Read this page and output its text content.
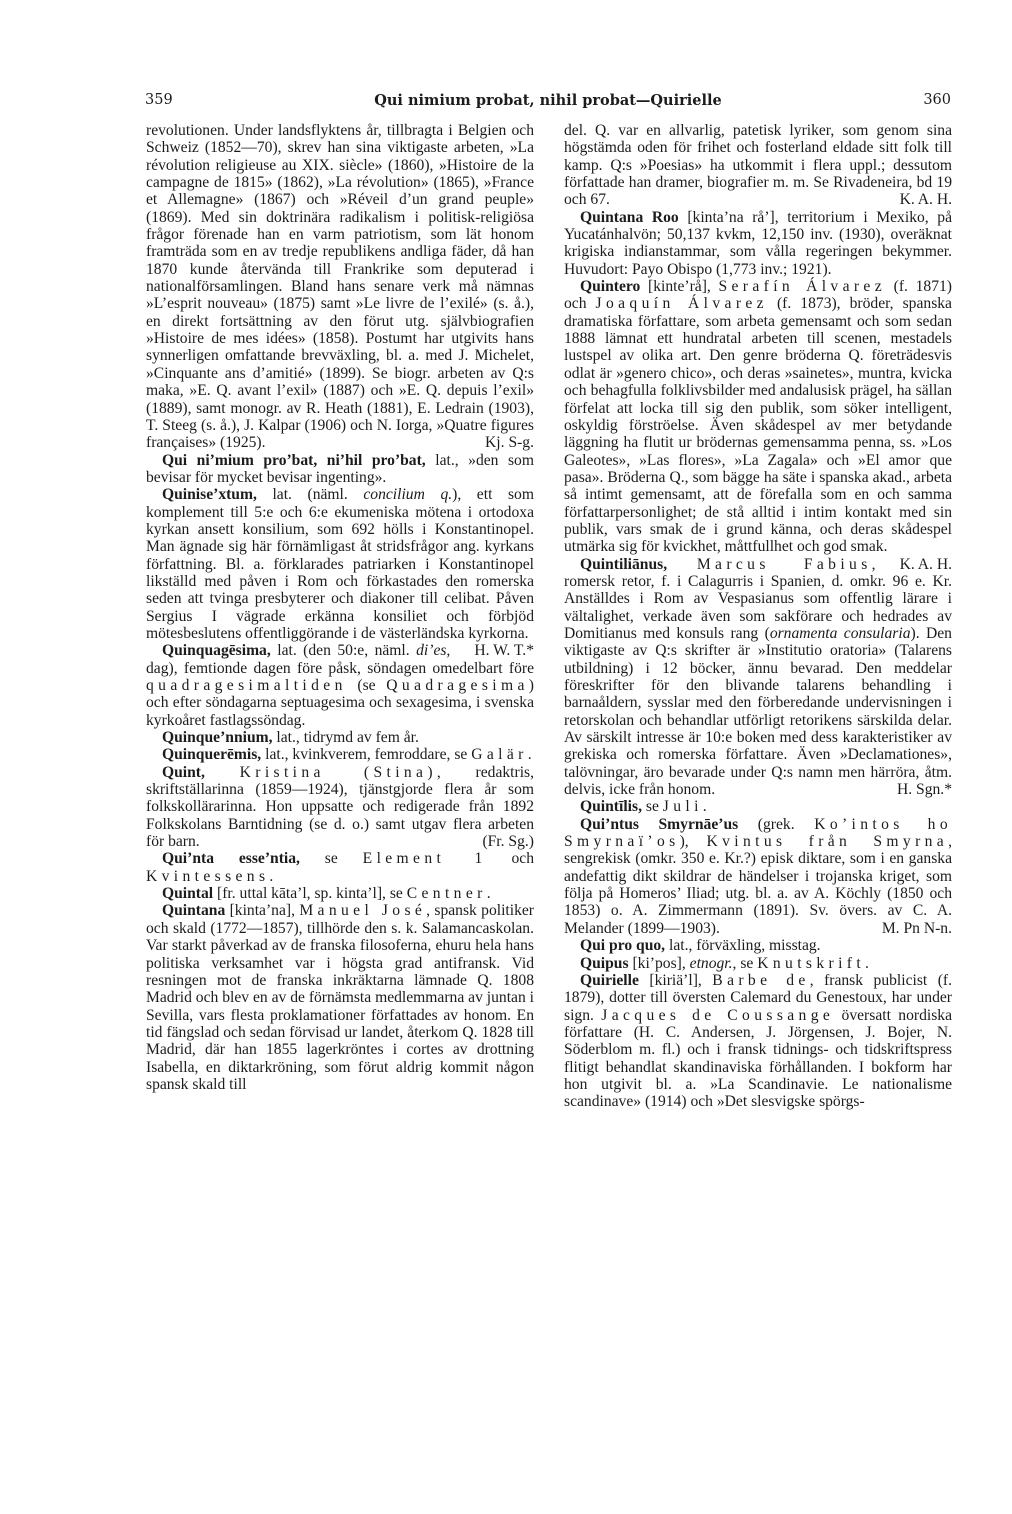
359	Qui nimium probat, nihil probat—Quirielle	360

revolutionen. Under landsflyktens år, tillbragta i Belgien och Schweiz (1852—70), skrev han sina viktigaste arbeten, »La révolution religieuse au XIX. siècle» (1860), »Histoire de la campagne de 1815» (1862), »La révolution» (1865), »France et Allemagne» (1867) och »Réveil d’un grand peuple» (1869). Med sin doktrinära radikalism i politisk-religiösa frågor förenade han en varm patriotism, som lät honom framträda som en av tredje republikens andliga fäder, då han 1870 kunde återvända till Frankrike som deputerad i nationalförsamlingen. Bland hans senare verk må nämnas »L’esprit nouveau» (1875) samt »Le livre de l’exilé» (s. å.), en direkt fortsättning av den förut utg. självbiografien »Histoire de mes idées» (1858). Postumt har utgivits hans synnerligen omfattande brevväxling, bl. a. med J. Michelet, »Cinquante ans d’amitié» (1899). Se biogr. arbeten av Q:s maka, »E. Q. avant l’exil» (1887) och »E. Q. depuis l’exil» (1889), samt monogr. av R. Heath (1881), E. Ledrain (1903), T. Steeg (s. å.), J. Kalpar (1906) och N. Iorga, »Quatre figures françaises» (1925).	Kj. S-g.

Qui ni’mium pro’bat, ni’hil pro’bat, lat., »den som bevisar för mycket bevisar ingenting».

Quinise’xtum, lat. (näml. concilium q.), ett som komplement till 5:e och 6:e ekumeniska mötena i ortodoxa kyrkan ansett konsilium, som 692 hölls i Konstantinopel. Man ägnade sig här förnämligast åt stridsfrågor ang. kyrkans författning. Bl. a. förklarades patriarken i Konstantinopel likställd med påven i Rom och förkastades den romerska seden att tvinga presbyterer och diakoner till celibat. Påven Sergius I vägrade erkänna konsiliet och förbjöd mötesbeslutens offentliggörande i de västerländska kyrkorna.
H. W. T.*

Quinquagēsima, lat. (den 50:e, näml. di’es, dag), femtionde dagen före påsk, söndagen omedelbart före quadragesimaltiden (se Quadragesima) och efter söndagarna septuagesima och sexagesima, i svenska kyrkoåret fastlagssöndag.

Quinque’nnium, lat., tidrymd av fem år.

Quinquerēmis, lat., kvinkverem, femroddare, se Galär.

Quint, Kristina (Stina), redaktris, skriftställarinna (1859—1924), tjänstgjorde flera år som folkskollärarinna. Hon uppsatte och redigerade från 1892 Folkskolans Barntidning (se d. o.) samt utgav flera arbeten för barn.	(Fr. Sg.)

Qui’nta esse’ntia, se Element 1 och Kvintessens.

Quintal [fr. uttal kāta’l, sp. kinta’l], se Centner.

Quintana [kinta’na], Manuel José, spansk politiker och skald (1772—1857), tillhörde den s. k. Salamancaskolan. Var starkt påverkad av de franska filosoferna, ehuru hela hans politiska verksamhet var i högsta grad antifransk. Vid resningen mot de franska inkräktarna lämnade Q. 1808 Madrid och blev en av de förnämsta medlemmarna av juntan i Sevilla, vars flesta proklamationer författades av honom. En tid fängslad och sedan förvisad ur landet, återkom Q. 1828 till Madrid, där han 1855 lagerkröntes i cortes av drottning Isabella, en diktarkröning, som förut aldrig kommit någon spansk skald till

del. Q. var en allvarlig, patetisk lyriker, som genom sina högstämda oden för frihet och fosterland eldade sitt folk till kamp. Q:s »Poesias» ha utkommit i flera uppl.; dessutom författade han dramer, biografier m. m. Se Rivadeneira, bd 19 och 67.	K. A. H.

Quintana Roo [kinta’na rå’], territorium i Mexiko, på Yucatánhalvön; 50,137 kvkm, 12,150 inv. (1930), overäknat krigiska indianstammar, som vålla regeringen bekymmer. Huvudort: Payo Obispo (1,773 inv.; 1921).

Quintero [kinte’rå], Serafín Álvarez (f. 1871) och Joaquín Álvarez (f. 1873), bröder, spanska dramatiska författare, som arbeta gemensamt och som sedan 1888 lämnat ett hundratal arbeten till scenen, mestadels lustspel av olika art. Den genre bröderna Q. företrädesvis odlat är »genero chico», och deras »sainetes», muntra, kvicka och behagfulla folklivsbilder med andalusisk prägel, ha sällan förfelat att locka till sig den publik, som söker intelligent, oskyldig förströelse. Även skådespel av mer betydande läggning ha flutit ur brödernas gemensamma penna, ss. »Los Galeotes», »Las flores», »La Zagala» och »El amor que pasa». Bröderna Q., som bägge ha säte i spanska akad., arbeta så intimt gemensamt, att de förefalla som en och samma författarpersonlighet; de stå alltid i intim kontakt med sin publik, vars smak de i grund känna, och deras skådespel utmärka sig för kvickhet, måttfullhet och god smak.
K. A. H.

Quintiliānus, Marcus Fabius, romersk retor, f. i Calagurris i Spanien, d. omkr. 96 e. Kr. Anställdes i Rom av Vespasianus som offentlig lärare i vältalighet, verkade även som sakförare och hedrades av Domitianus med konsuls rang (ornamenta consularia). Den viktigaste av Q:s skrifter är »Institutio oratoria» (Talarens utbildning) i 12 böcker, ännu bevarad. Den meddelar föreskrifter för den blivande talarens behandling i barnaåldern, sysslar med den förberedande undervisningen i retorskolan och behandlar utförligt retorikens särskilda delar. Av särskilt intresse är 10:e boken med dess karakteristiker av grekiska och romerska författare. Även »Declamationes», talövningar, äro bevarade under Q:s namn men härröra, åtm. delvis, icke från honom.	H. Sgn.*

Quintīlis, se Juli.

Qui’ntus Smyrnāe’us (grek. Ko’intos ho Smyrnaï’os), Kvintus från Smyrna, sengrekisk (omkr. 350 e. Kr.?) episk diktare, som i en ganska andefattig dikt skildrar de händelser i trojanska kriget, som följa på Homeros’ Iliad; utg. bl. a. av A. Köchly (1850 och 1853) o. A. Zimmermann (1891). Sv. övers. av C. A. Melander (1899—1903).	M. Pn N-n.

Qui pro quo, lat., förväxling, misstag.

Quipus [ki’pos], etnogr., se Knutskrift.

Quirielle [kiriä’l], Barbe de, fransk publicist (f. 1879), dotter till översten Calemard du Genestoux, har under sign. Jacques de Coussange översatt nordiska författare (H. C. Andersen, J. Jörgensen, J. Bojer, N. Söderblom m. fl.) och i fransk tidnings- och tidskriftspress flitigt behandlat skandinaviska förhållanden. I bokform har hon utgivit bl. a. »La Scandinavie. Le nationalisme scandinave» (1914) och »Det slesvigske spörgs-
